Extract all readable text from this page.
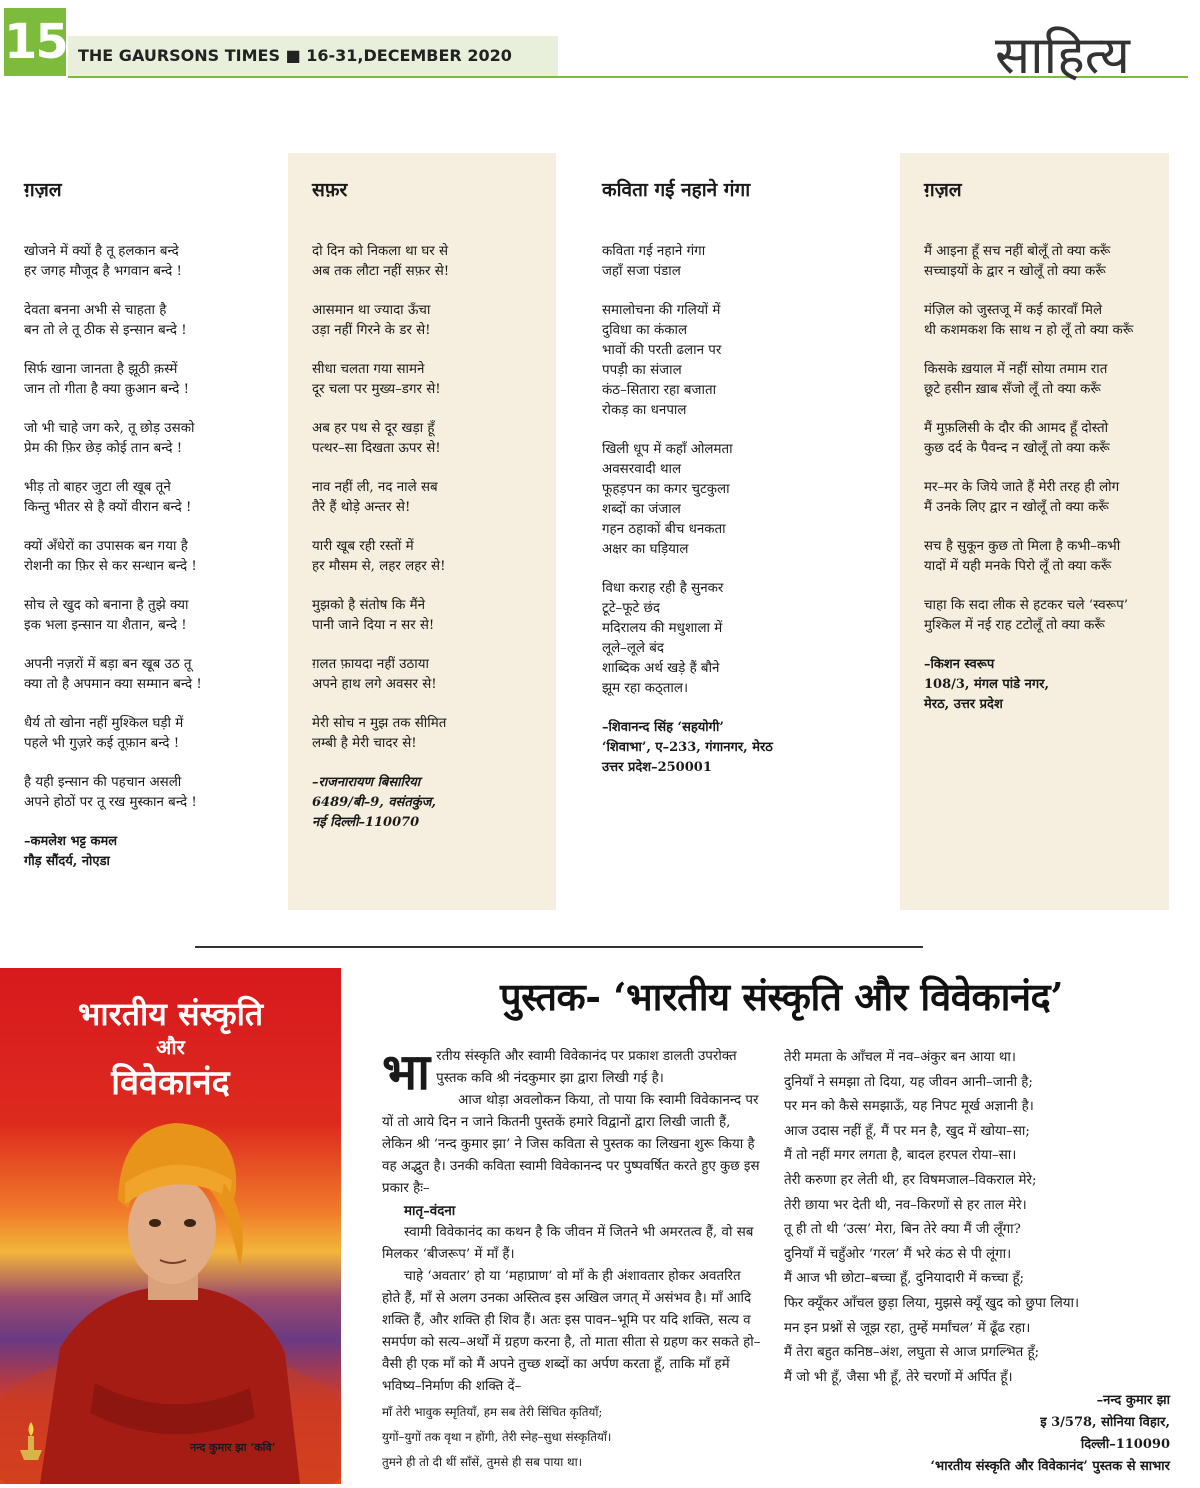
15 THE GAURSONS TIMES ■ 16-31,DECEMBER 2020	साहित्य
ग़ज़ल
खोजने में क्यों है तू हलकान बन्दे
हर जगह मौजूद है भगवान बन्दे !
देवता बनना अभी से चाहता है
बन तो ले तू ठीक से इन्सान बन्दे !
सिर्फ खाना जानता है झूठी क़स्में
जान तो गीता है क्या क़ुआन बन्दे !
जो भी चाहे जग करे, तू छोड़ उसको
प्रेम की फ़िर छेड़ कोई तान बन्दे !
भीड़ तो बाहर जुटा ली खूब तूने
किन्तु भीतर से है क्यों वीरान बन्दे !
क्यों अँधेरों का उपासक बन गया है
रोशनी का फ़िर से कर सन्धान बन्दे !
सोच ले खुद को बनाना है तुझे क्या
इक भला इन्सान या शैतान, बन्दे !
अपनी नज़रों में बड़ा बन खूब उठ तू
क्या तो है अपमान क्या सम्मान बन्दे !
धैर्य तो खोना नहीं मुश्किल घड़ी में
पहले भी गुज़रे कई तूफ़ान बन्दे !
है यही इन्सान की पहचान असली
अपने होठों पर तू रख मुस्कान बन्दे !
–कमलेश भट्ट कमल
गौड़ सौंदर्य, नोएडा
सफ़र
दो दिन को निकला था घर से
अब तक लौटा नहीं सफ़र से!
आसमान था ज्यादा ऊँचा
उड़ा नहीं गिरने के डर से!
सीधा चलता गया सामने
दूर चला पर मुख्य–डगर से!
अब हर पथ से दूर खड़ा हूँ
पत्थर–सा दिखता ऊपर से!
नाव नहीं ली, नद नाले सब
तैरे हैं थोड़े अन्तर से!
यारी खूब रही रस्तों में
हर मौसम से, लहर लहर से!
मुझको है संतोष कि मैंने
पानी जाने दिया न सर से!
ग़लत फ़ायदा नहीं उठाया
अपने हाथ लगे अवसर से!
मेरी सोच न मुझ तक सीमित
लम्बी है मेरी चादर से!
–राजनारायण बिसारिया
6489/बी–9, वसंतकुंज,
नई दिल्ली–110070
कविता गई नहाने गंगा
कविता गई नहाने गंगा
जहाँ सजा पंडाल
समालोचना की गलियों में
दुविधा का कंकाल
भावों की परती ढलान पर
पपड़ी का संजाल
कंठ–सितारा रहा बजाता
रोकड़ का धनपाल
खिली धूप में कहाँ ओलमता
अवसरवादी थाल
फूहड़पन का कगर चुटकुला
शब्दों का जंजाल
गहन ठहाकों बीच धनकता
अक्षर का घड़ियाल
विधा कराह रही है सुनकर
टूटे–फूटे छंद
मदिरालय की मधुशाला में
लूले–लूले बंद
शाब्दिक अर्थ खड़े हैं बौने
झूम रहा कठ्ताल।
–शिवानन्द सिंह ‘सहयोगी’
‘शिवाभा’, ए–233, गंगानगर, मेरठ
उत्तर प्रदेश–250001
ग़ज़ल
मैं आइना हूँ सच नहीं बोलूँ तो क्या करूँ
सच्चाइयों के द्वार न खोलूँ तो क्या करूँ
मंज़िल को जुस्तजू में कई कारवाँ मिले
थी कशमकश कि साथ न हो लूँ तो क्या करूँ
किसके ख़याल में नहीं सोया तमाम रात
छूटे हसीन ख़ाब सँजो लूँ तो क्या करूँ
मैं मुफ़लिसी के दौर की आमद हूँ दोस्तो
कुछ दर्द के पैवन्द न खोलूँ तो क्या करूँ
मर–मर के जिये जाते हैं मेरी तरह ही लोग
मैं उनके लिए द्वार न खोलूँ तो क्या करूँ
सच है सुकून कुछ तो मिला है कभी–कभी
यादों में यही मनके पिरो लूँ तो क्या करूँ
चाहा कि सदा लीक से हटकर चले ‘स्वरूप’
मुश्किल में नई राह टटोलूँ तो क्या करूँ
–किशन स्वरूप
108/3, मंगल पांडे नगर,
मेरठ, उत्तर प्रदेश
भारतीय संस्कृति
और
विवेकानंद
नन्द कुमार झा ‘कवि’
पुस्तक- ‘भारतीय संस्कृति और विवेकानंद’

भारतीय संस्कृति और स्वामी विवेकानंद पर प्रकाश डालती उपरोक्त पुस्तक कवि श्री नंदकुमार झा द्वारा लिखी गई है।

आज थोड़ा अवलोकन किया, तो पाया कि स्वामी विवेकानन्द पर यों तो आये दिन न जाने कितनी पुस्तकें हमारे विद्वानों द्वारा लिखी जाती हैं, लेकिन श्री ‘नन्द कुमार झा’ ने जिस कविता से पुस्तक का लिखना शुरू किया है वह अद्भुत है। उनकी कविता स्वामी विवेकानन्द पर पुष्पवर्षित करते हुए कुछ इस प्रकार हैः–

मातृ–वंदना

स्वामी विवेकानंद का कथन है कि जीवन में जितने भी अमरतत्व हैं, वो सब मिलकर ‘बीजरूप’ में माँ हैं।

चाहे ‘अवतार’ हो या ‘महाप्राण’ वो माँ के ही अंशावतार होकर अवतरित होते हैं, माँ से अलग उनका अस्तित्व इस अखिल जगत् में असंभव है। माँ आदि शक्ति हैं, और शक्ति ही शिव हैं। अतः इस पावन–भूमि पर यदि शक्ति, सत्य व समर्पण को सत्य–अर्थों में ग्रहण करना है, तो माता सीता से ग्रहण कर सकते हो– वैसी ही एक माँ को मैं अपने तुच्छ शब्दों का अर्पण करता हूँ, ताकि माँ हमें भविष्य–निर्माण की शक्ति दें–

माँ तेरी भावुक स्मृतियाँ, हम सब तेरी सिंचित कृतियाँ;
युगों–युगों तक वृथा न होंगी, तेरी स्नेह–सुधा संस्कृतियाँ।
तुमने ही तो दी थीं साँसें, तुमसे ही सब पाया था।
तेरी ममता के आँचल में नव–अंकुर बन आया था।
दुनियाँ ने समझा तो दिया, यह जीवन आनी–जानी है;
पर मन को कैसे समझाऊँ, यह निपट मूर्ख अज्ञानी है।
आज उदास नहीं हूँ, मैं पर मन है, खुद में खोया–सा;
मैं तो नहीं मगर लगता है, बादल हरपल रोया–सा।
तेरी करुणा हर लेती थी, हर विषमजाल–विकराल मेरे;
तेरी छाया भर देती थी, नव–किरणों से हर ताल मेरे।
तू ही तो थी ‘उत्स’ मेरा, बिन तेरे क्या मैं जी लूँगा?
दुनियाँ में चहुँओर ‘गरल’ मैं भरे कंठ से पी लूंगा।
मैं आज भी छोटा–बच्चा हूँ, दुनियादारी में कच्चा हूँ;
फिर क्यूँकर आँचल छुड़ा लिया, मुझसे क्यूँ खुद को छुपा लिया।
मन इन प्रश्नों से जूझ रहा, तुम्हें मर्मांचल’ में ढूँढ रहा।
मैं तेरा बहुत कनिष्ठ–अंश, लघुता से आज प्रगल्भित हूँ;
मैं जो भी हूँ, जैसा भी हूँ, तेरे चरणों में अर्पित हूँ।
–नन्द कुमार झा
इ 3/578, सोनिया विहार,
दिल्ली–110090
‘भारतीय संस्कृति और विवेकानंद’ पुस्तक से साभार
